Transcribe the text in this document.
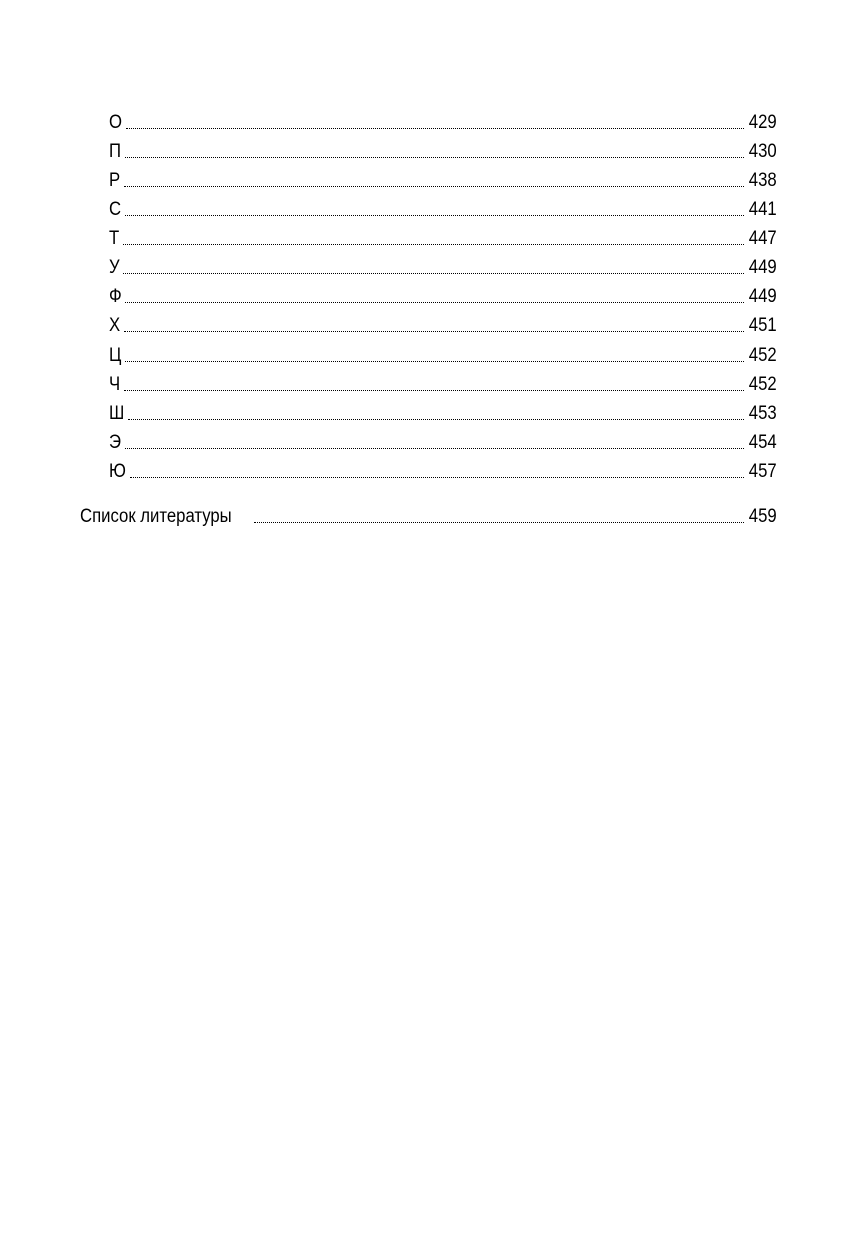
О	429
П	430
Р	438
С	441
Т	447
У	449
Ф	449
Х	451
Ц	452
Ч	452
Ш	453
Э	454
Ю	457
Список литературы	459
